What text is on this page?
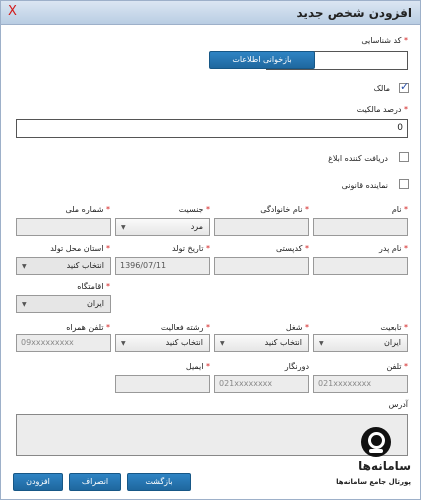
افزودن شخص جدید
X
* کد شناسایی
بازخوانی اطلاعات
✓
مالک
* درصد مالکیت
0
دریافت کننده ابلاغ
نماینده قانونی
* نام
* نام خانوادگی
* جنسیت
* شماره ملی
مرد
▼
* نام پدر
* کدپستی
* تاریخ تولد
* استان محل تولد
1396/07/11
انتخاب کنید
▼
* اقامتگاه
ایران
▼
* تابعیت
* شغل
* رشته فعالیت
* تلفن همراه
ایران
▼
انتخاب کنید
▼
انتخاب کنید
▼
09xxxxxxxxx
* تلفن
دورنگار
* ایمیل
021xxxxxxxx
021xxxxxxxx
آدرس
سامانه‌ها
پورتال جامع سامانه‌ها
بازگشت
انصراف
افزودن
